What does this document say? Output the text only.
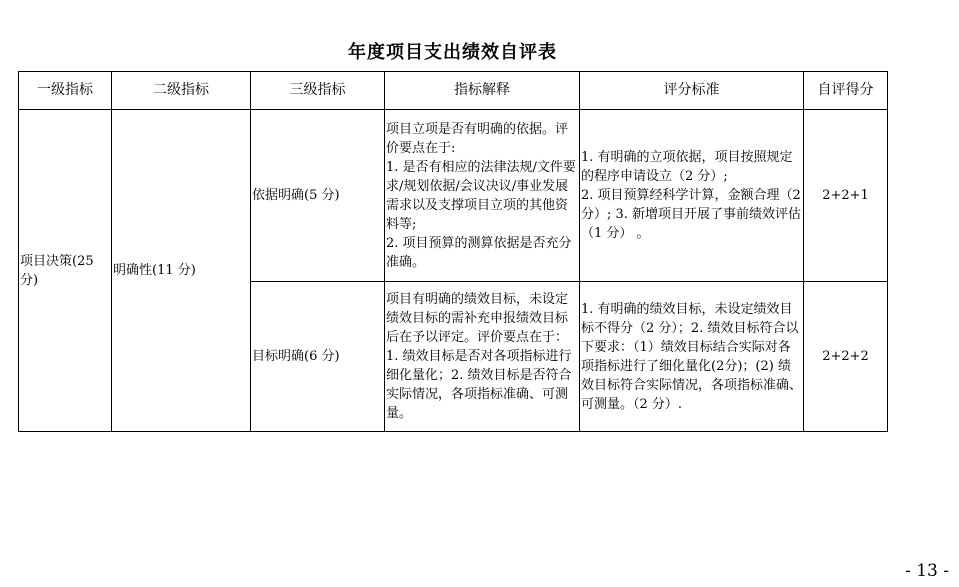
年度项目支出绩效自评表
一级指标	二级指标	三级指标	指标解释	评分标准	自评得分
项目决策(25分)	明确性(11 分)	依据明确(5 分)	项目立项是否有明确的依据。评价要点在于:
1. 是否有相应的法律法规/文件要求/规划依据/会议决议/事业发展需求以及支撑项目立项的其他资料等;
2. 项目预算的测算依据是否充分准确。	1. 有明确的立项依据，项目按照规定的程序申请设立（2 分）;
2. 项目预算经科学计算，金额合理（2 分）; 3. 新增项目开展了事前绩效评估（1 分） 。	2+2+1
		目标明确(6 分)	项目有明确的绩效目标，未设定绩效目标的需补充申报绩效目标后在予以评定。评价要点在于：1. 绩效目标是否对各项指标进行细化量化；2. 绩效目标是否符合实际情况，各项指标准确、可测量。	1. 有明确的绩效目标，未设定绩效目标不得分（2 分）；2. 绩效目标符合以下要求：（1）绩效目标结合实际对各项指标进行了细化量化(2分)；(2) 绩效目标符合实际情况，各项指标准确、可测量。（2 分）.	2+2+2
- 13 -
